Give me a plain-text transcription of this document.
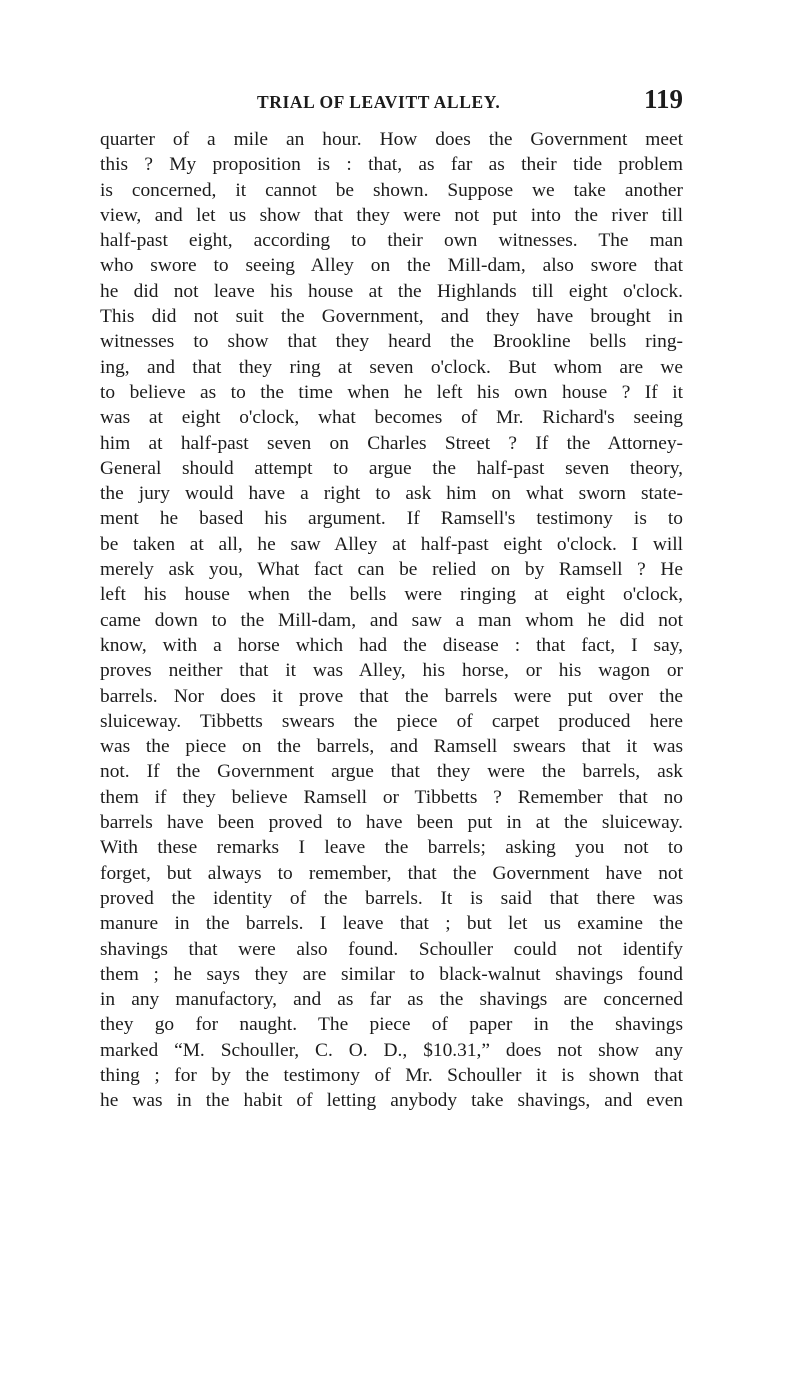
TRIAL OF LEAVITT ALLEY.	119
quarter of a mile an hour. How does the Government meet
this ? My proposition is : that, as far as their tide problem
is concerned, it cannot be shown. Suppose we take another
view, and let us show that they were not put into the river till
half-past eight, according to their own witnesses. The man
who swore to seeing Alley on the Mill-dam, also swore that
he did not leave his house at the Highlands till eight o'clock.
This did not suit the Government, and they have brought in
witnesses to show that they heard the Brookline bells ring-
ing, and that they ring at seven o'clock. But whom are we
to believe as to the time when he left his own house ? If it
was at eight o'clock, what becomes of Mr. Richard's seeing
him at half-past seven on Charles Street ? If the Attorney-
General should attempt to argue the half-past seven theory,
the jury would have a right to ask him on what sworn state-
ment he based his argument. If Ramsell's testimony is to
be taken at all, he saw Alley at half-past eight o'clock. I will
merely ask you, What fact can be relied on by Ramsell ? He
left his house when the bells were ringing at eight o'clock,
came down to the Mill-dam, and saw a man whom he did not
know, with a horse which had the disease : that fact, I say,
proves neither that it was Alley, his horse, or his wagon or
barrels. Nor does it prove that the barrels were put over the
sluiceway. Tibbetts swears the piece of carpet produced here
was the piece on the barrels, and Ramsell swears that it was
not. If the Government argue that they were the barrels, ask
them if they believe Ramsell or Tibbetts ? Remember that no
barrels have been proved to have been put in at the sluiceway.
With these remarks I leave the barrels; asking you not to
forget, but always to remember, that the Government have not
proved the identity of the barrels. It is said that there was
manure in the barrels. I leave that ; but let us examine the
shavings that were also found. Schouller could not identify
them ; he says they are similar to black-walnut shavings found
in any manufactory, and as far as the shavings are concerned
they go for naught. The piece of paper in the shavings
marked “M. Schouller, C. O. D., $10.31,” does not show any
thing ; for by the testimony of Mr. Schouller it is shown that
he was in the habit of letting anybody take shavings, and even
